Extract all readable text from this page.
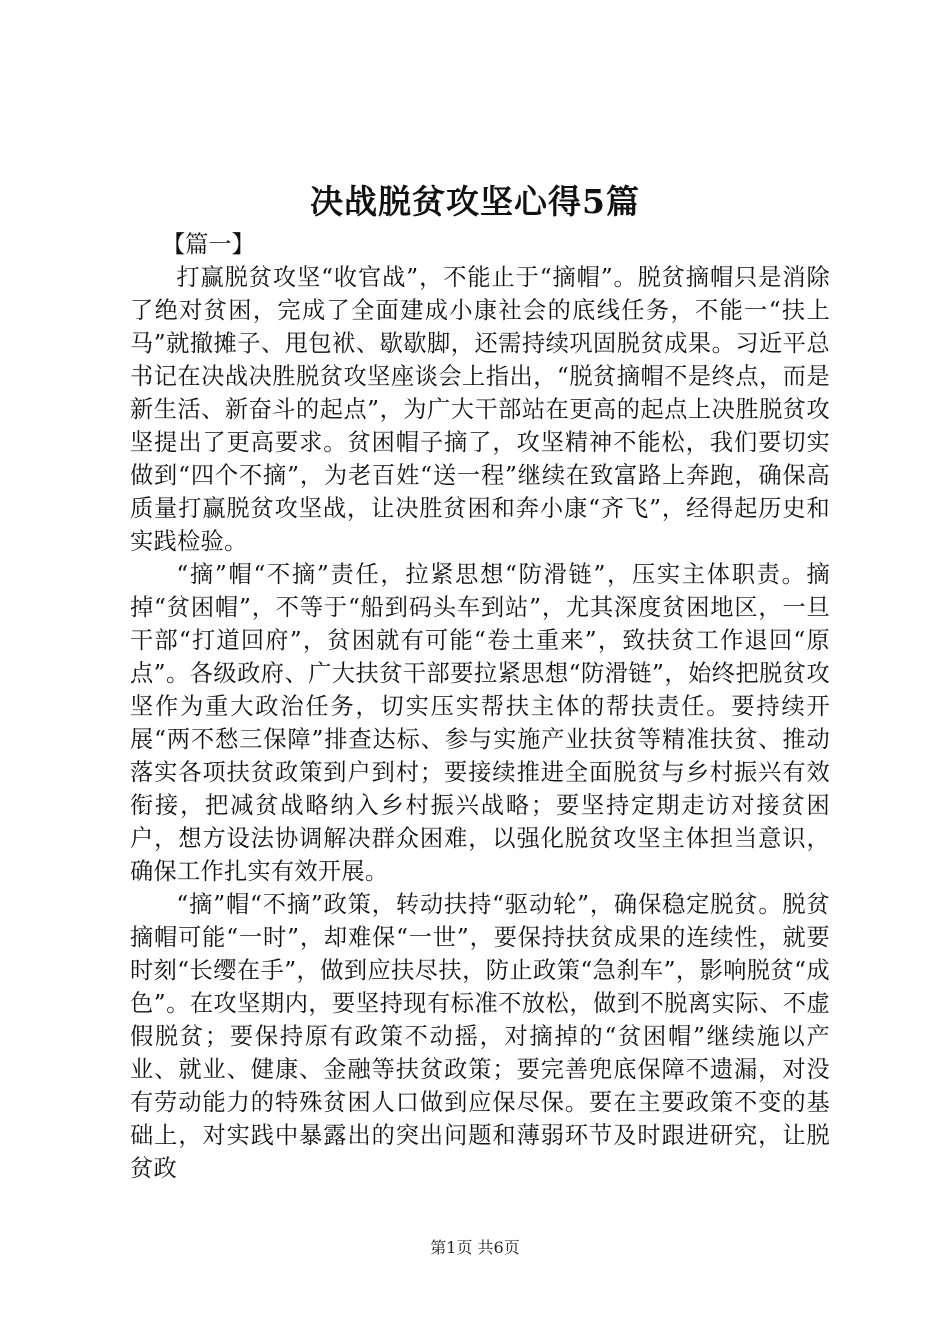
决战脱贫攻坚心得5篇

【篇一】

打赢脱贫攻坚“收官战”，不能止于“摘帽”。脱贫摘帽只是消除了绝对贫困，完成了全面建成小康社会的底线任务，不能一“扶上马”就撤摊子、甩包袱、歇歇脚，还需持续巩固脱贫成果。习近平总书记在决战决胜脱贫攻坚座谈会上指出，“脱贫摘帽不是终点，而是新生活、新奋斗的起点”，为广大干部站在更高的起点上决胜脱贫攻坚提出了更高要求。贫困帽子摘了，攻坚精神不能松，我们要切实做到“四个不摘”，为老百姓“送一程”继续在致富路上奔跑，确保高质量打赢脱贫攻坚战，让决胜贫困和奔小康“齐飞”，经得起历史和实践检验。

“摘”帽“不摘”责任，拉紧思想“防滑链”，压实主体职责。摘掉“贫困帽”，不等于“船到码头车到站”，尤其深度贫困地区，一旦干部“打道回府”，贫困就有可能“卷土重来”，致扶贫工作退回“原点”。各级政府、广大扶贫干部要拉紧思想“防滑链”，始终把脱贫攻坚作为重大政治任务，切实压实帮扶主体的帮扶责任。要持续开展“两不愁三保障”排查达标、参与实施产业扶贫等精准扶贫、推动落实各项扶贫政策到户到村；要接续推进全面脱贫与乡村振兴有效衔接，把减贫战略纳入乡村振兴战略；要坚持定期走访对接贫困户，想方设法协调解决群众困难，以强化脱贫攻坚主体担当意识，确保工作扎实有效开展。

“摘”帽“不摘”政策，转动扶持“驱动轮”，确保稳定脱贫。脱贫摘帽可能“一时”，却难保“一世”，要保持扶贫成果的连续性，就要时刻“长缨在手”，做到应扶尽扶，防止政策“急刹车”，影响脱贫“成色”。在攻坚期内，要坚持现有标准不放松，做到不脱离实际、不虚假脱贫；要保持原有政策不动摇，对摘掉的“贫困帽”继续施以产业、就业、健康、金融等扶贫政策；要完善兜底保障不遗漏，对没有劳动能力的特殊贫困人口做到应保尽保。要在主要政策不变的基础上，对实践中暴露出的突出问题和薄弱环节及时跟进研究，让脱贫政

第1页 共6页
